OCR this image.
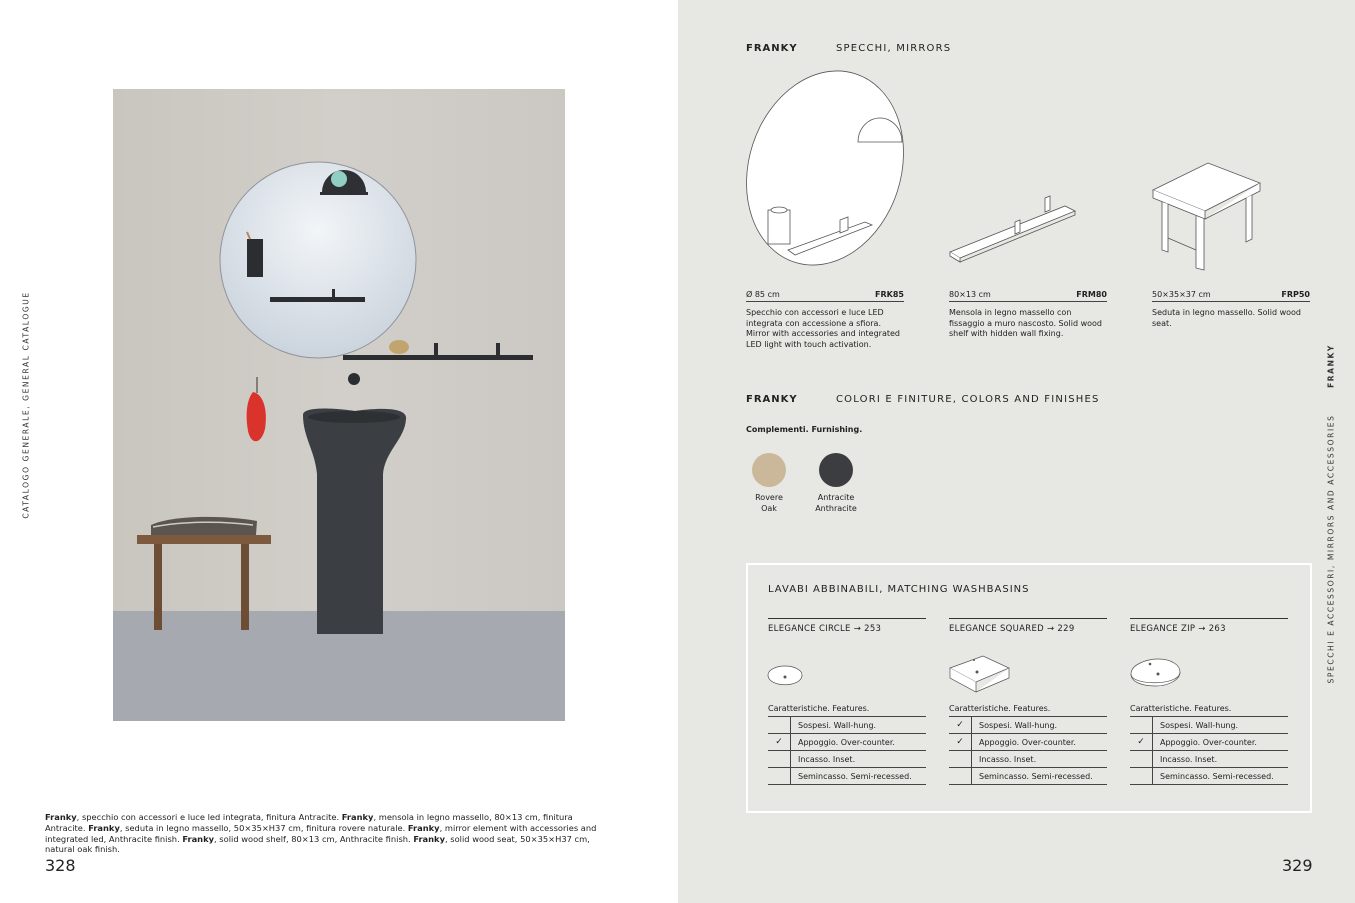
CATALOGO GENERALE, GENERAL CATALOGUE
Franky, specchio con accessori e luce led integrata, finitura Antracite. Franky, mensola in legno massello, 80×13 cm, finitura Antracite. Franky, seduta in legno massello, 50×35×H37 cm, finitura rovere naturale. Franky, mirror element with accessories and integrated led, Anthracite finish. Franky, solid wood shelf, 80×13 cm, Anthracite finish. Franky, solid wood seat, 50×35×H37 cm, natural oak finish.
328
FRANKY
SPECCHI E ACCESSORI, MIRRORS AND ACCESSORIES
FRANKY	SPECCHI, MIRRORS
Ø 85 cm	FRK85
Specchio con accessori e luce LED integrata con accessione a sfiora. Mirror with accessories and integrated LED light with touch activation.
80×13 cm	FRM80
Mensola in legno massello con fissaggio a muro nascosto. Solid wood shelf with hidden wall fixing.
50×35×37 cm	FRP50
Seduta in legno massello. Solid wood seat.
FRANKY	COLORI E FINITURE, COLORS AND FINISHES
Complementi. Furnishing.
Rovere
Oak
Antracite
Anthracite
LAVABI ABBINABILI, MATCHING WASHBASINS
ELEGANCE CIRCLE → 253
Caratteristiche. Features.
Sospesi. Wall-hung.
✓	Appoggio. Over-counter.
Incasso. Inset.
Semincasso. Semi-recessed.
ELEGANCE SQUARED → 229
Caratteristiche. Features.
✓	Sospesi. Wall-hung.
✓	Appoggio. Over-counter.
Incasso. Inset.
Semincasso. Semi-recessed.
ELEGANCE ZIP → 263
Caratteristiche. Features.
Sospesi. Wall-hung.
✓	Appoggio. Over-counter.
Incasso. Inset.
Semincasso. Semi-recessed.
329
